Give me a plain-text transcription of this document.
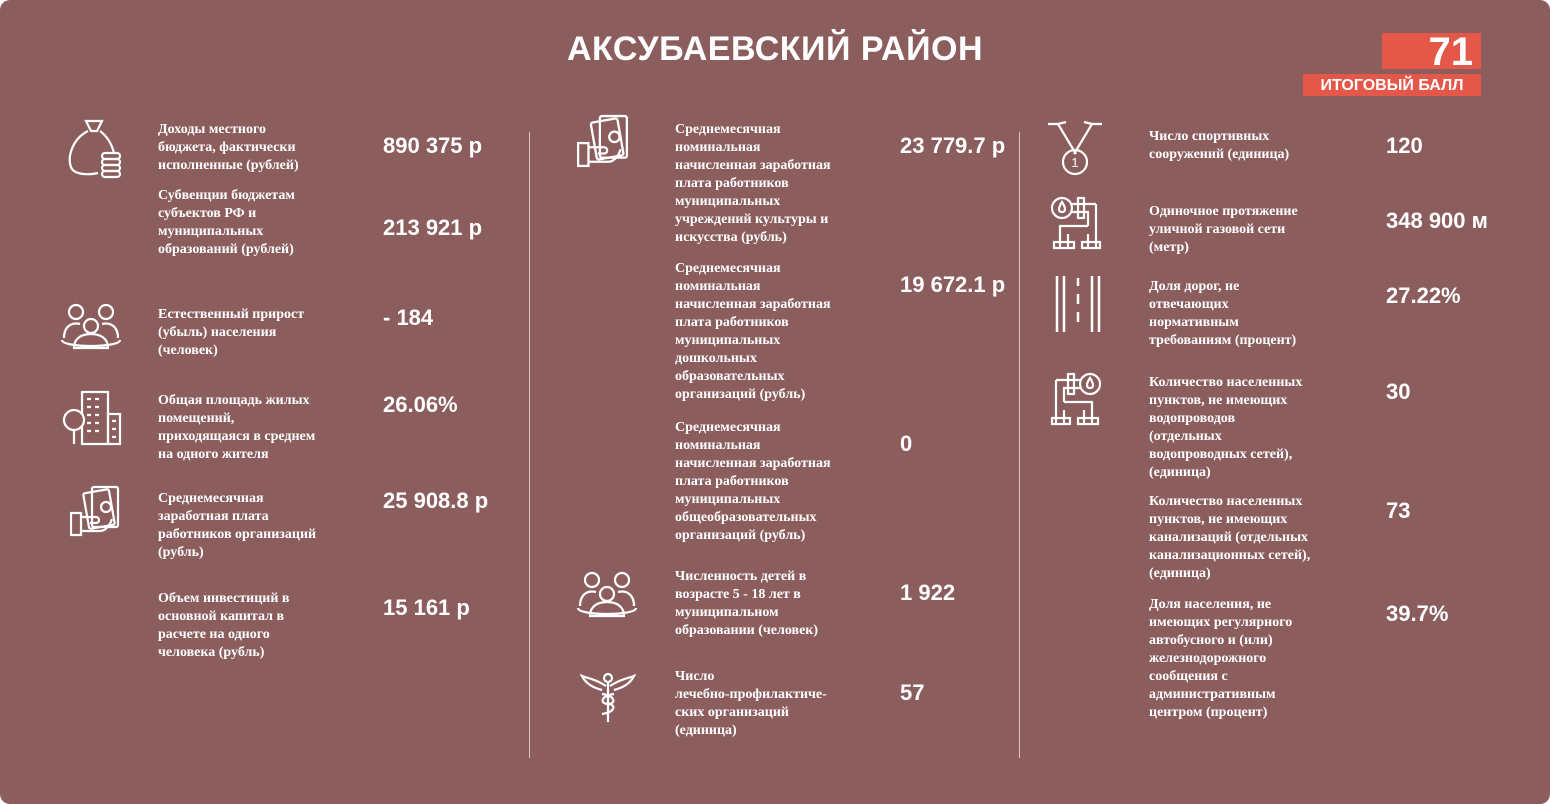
АКСУБАЕВСКИЙ РАЙОН	71
ИТОГОВЫЙ БАЛЛ
Доходы местного
бюджета, фактически
исполненные (рублей)
890 375 р
Субвенции бюджетам
субъектов РФ и
муниципальных
образований (рублей)
213 921 р
Естественный прирост
(убыль) населения
(человек)
- 184
Общая площадь жилых
помещений,
приходящаяся в среднем
на одного жителя
26.06%
Среднемесячная
заработная плата
работников организаций
(рубль)
25 908.8 р
Объем инвестиций в
основной капитал в
расчете на одного
человека (рубль)
15 161 р
Среднемесячная
номинальная
начисленная заработная
плата работников
муниципальных
учреждений культуры и
искусства (рубль)
23 779.7 р
Среднемесячная
номинальная
начисленная заработная
плата работников
муниципальных
дошкольных
образовательных
организаций (рубль)
19 672.1 р
Среднемесячная
номинальная
начисленная заработная
плата работников
муниципальных
общеобразовательных
организаций (рубль)
0
Численность детей в
возрасте 5 - 18 лет в
муниципальном
образовании (человек)
1 922
Число
лечебно-профилактиче-
ских организаций
(единица)
57
1
Число спортивных
сооружений (единица)	120
Одиночное протяжение
уличной газовой сети
(метр)
348 900 м
Доля дорог, не
отвечающих
нормативным
требованиям (процент)
27.22%
Количество населенных
пунктов, не имеющих
водопроводов
(отдельных
водопроводных сетей),
(единица)
30
Количество населенных
пунктов, не имеющих
канализаций (отдельных
канализационных сетей),
(единица)
73
Доля населения, не
имеющих регулярного
автобусного и (или)
железнодорожного
сообщения с
административным
центром (процент)
39.7%
